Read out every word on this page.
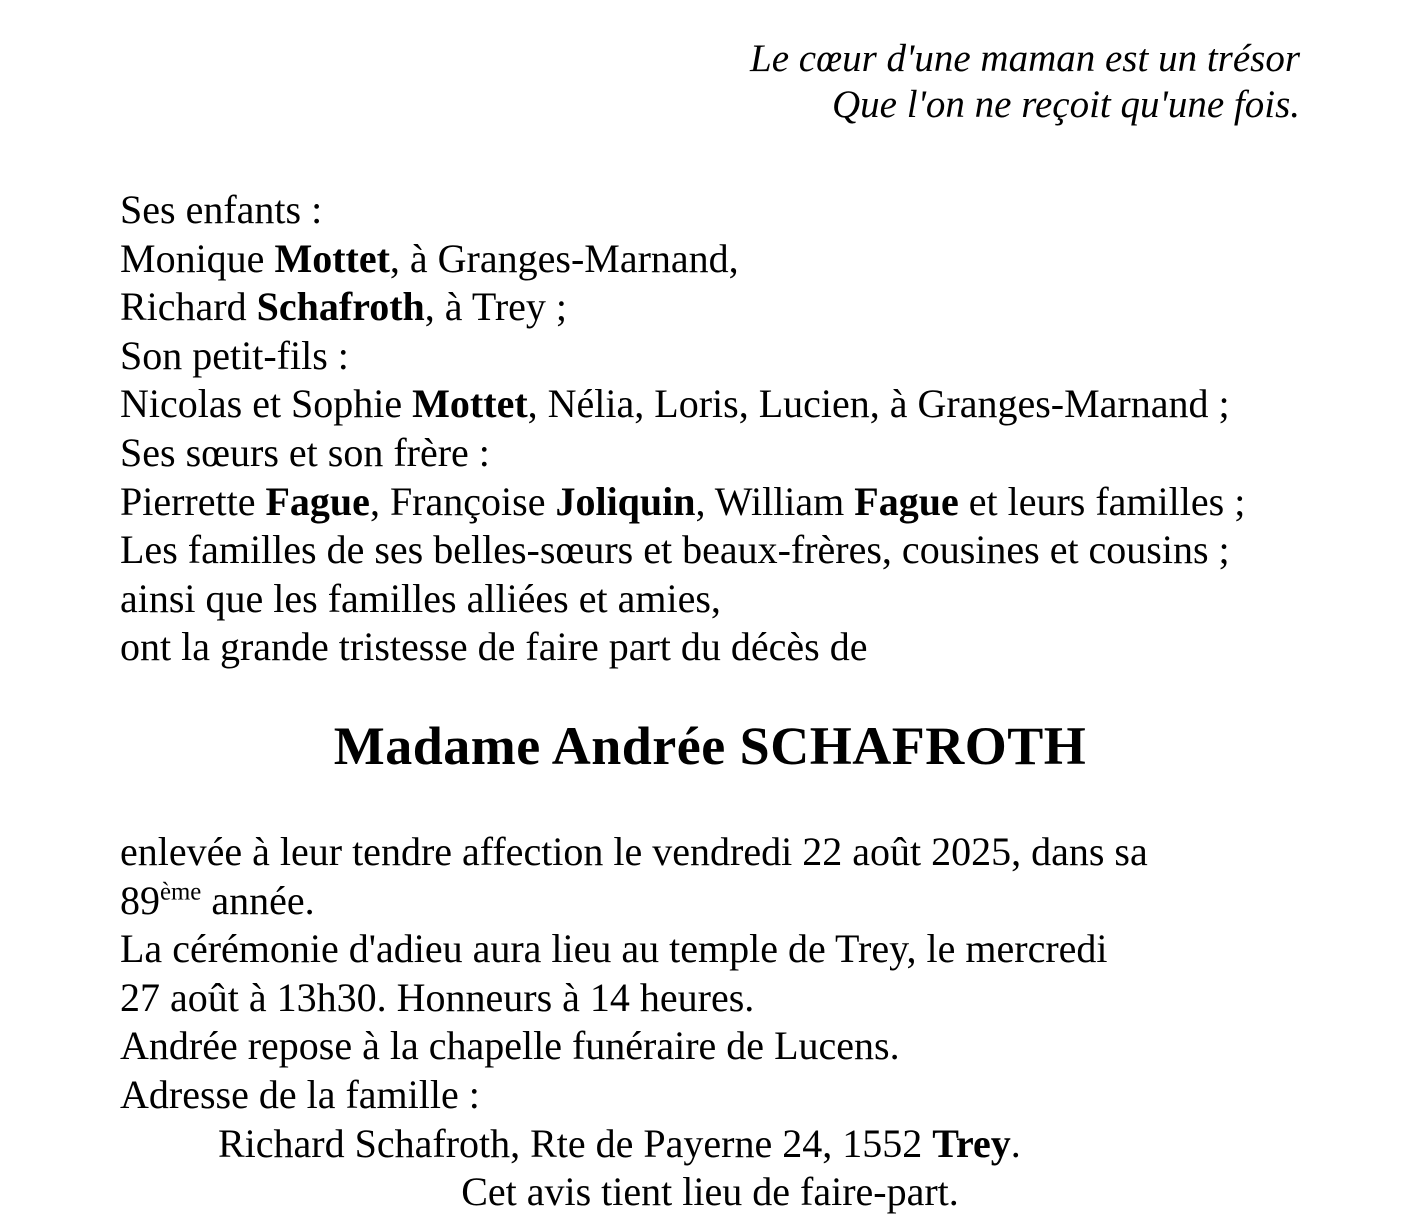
Le cœur d'une maman est un trésor
Que l'on ne reçoit qu'une fois.
Ses enfants :
Monique Mottet, à Granges-Marnand,
Richard Schafroth, à Trey ;
Son petit-fils :
Nicolas et Sophie Mottet, Nélia, Loris, Lucien, à Granges-Marnand ;
Ses sœurs et son frère :
Pierrette Fague, Françoise Joliquin, William Fague et leurs familles ;
Les familles de ses belles-sœurs et beaux-frères, cousines et cousins ;
ainsi que les familles alliées et amies,
ont la grande tristesse de faire part du décès de
Madame Andrée SCHAFROTH
enlevée à leur tendre affection le vendredi 22 août 2025, dans sa
89ème année.
La cérémonie d'adieu aura lieu au temple de Trey, le mercredi
27 août à 13h30. Honneurs à 14 heures.
Andrée repose à la chapelle funéraire de Lucens.
Adresse de la famille :
Richard Schafroth, Rte de Payerne 24, 1552 Trey.
Cet avis tient lieu de faire-part.
